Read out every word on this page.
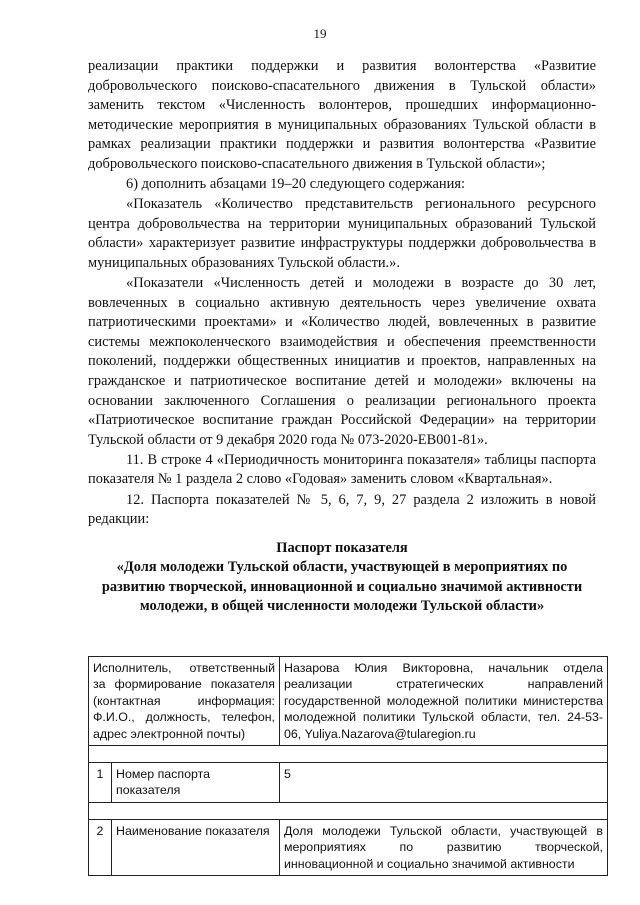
19

реализации практики поддержки и развития волонтерства «Развитие добровольческого поисково-спасательного движения в Тульской области» заменить текстом «Численность волонтеров, прошедших информационно-методические мероприятия в муниципальных образованиях Тульской области в рамках реализации практики поддержки и развития волонтерства «Развитие добровольческого поисково-спасательного движения в Тульской области»;

6) дополнить абзацами 19–20 следующего содержания:

«Показатель «Количество представительств регионального ресурсного центра добровольчества на территории муниципальных образований Тульской области» характеризует развитие инфраструктуры поддержки добровольчества в муниципальных образованиях Тульской области.».

«Показатели «Численность детей и молодежи в возрасте до 30 лет, вовлеченных в социально активную деятельность через увеличение охвата патриотическими проектами» и «Количество людей, вовлеченных в развитие системы межпоколенческого взаимодействия и обеспечения преемственности поколений, поддержки общественных инициатив и проектов, направленных на гражданское и патриотическое воспитание детей и молодежи» включены на основании заключенного Соглашения о реализации регионального проекта «Патриотическое воспитание граждан Российской Федерации» на территории Тульской области от 9 декабря 2020 года № 073-2020-ЕВ001-81».

11. В строке 4 «Периодичность мониторинга показателя» таблицы паспорта показателя № 1 раздела 2 слово «Годовая» заменить словом «Квартальная».

12. Паспорта показателей № 5, 6, 7, 9, 27 раздела 2 изложить в новой редакции:

Паспорт показателя
«Доля молодежи Тульской области, участвующей в мероприятиях по развитию творческой, инновационной и социально значимой активности молодежи, в общей численности молодежи Тульской области»
Исполнитель, ответственный за формирование показателя (контактная информация: Ф.И.О., должность, телефон, адрес электронной почты)		Назарова Юлия Викторовна, начальник отдела реализации стратегических направлений государственной молодежной политики министерства молодежной политики Тульской области, тел. 24-53-06, Yuliya.Nazarova@tularegion.ru

1	Номер паспорта показателя	5

2	Наименование показателя	Доля молодежи Тульской области, участвующей в мероприятиях по развитию творческой, инновационной и социально значимой активности
